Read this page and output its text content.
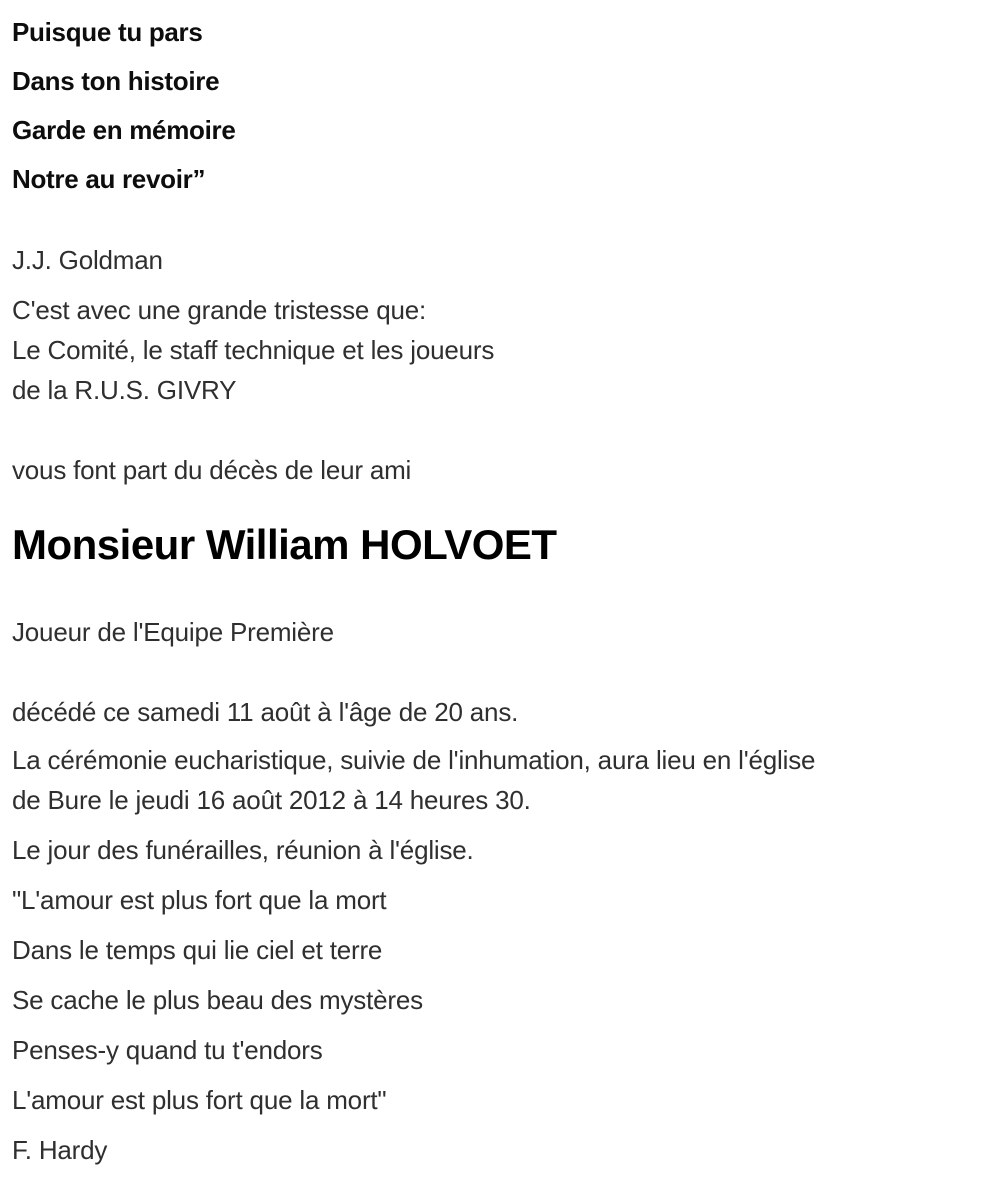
Puisque tu pars

Dans ton histoire

Garde en mémoire

Notre au revoir”

J.J. Goldman

C'est avec une grande tristesse que:
Le Comité, le staff technique et les joueurs
de la R.U.S. GIVRY

vous font part du décès de leur ami

Monsieur William HOLVOET

Joueur de l'Equipe Première

décédé ce samedi 11 août à l'âge de 20 ans.

La cérémonie eucharistique, suivie de l'inhumation, aura lieu en l'église
de Bure le jeudi 16 août 2012 à 14 heures 30.

Le jour des funérailles, réunion à l'église.

"L'amour est plus fort que la mort

Dans le temps qui lie ciel et terre

Se cache le plus beau des mystères

Penses-y quand tu t'endors

L'amour est plus fort que la mort"

F. Hardy
